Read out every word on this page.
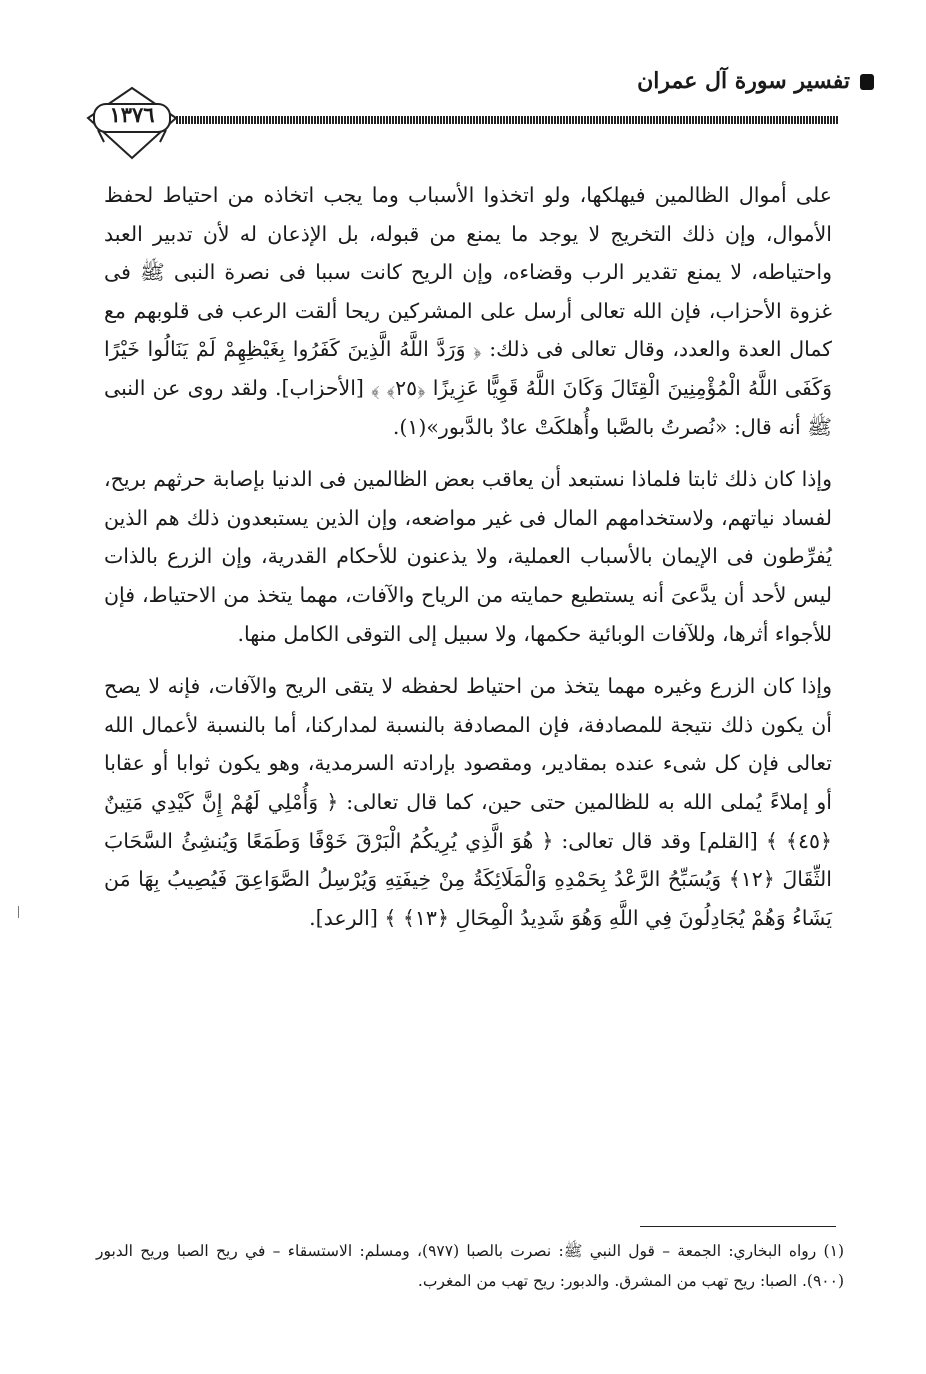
تفسير سورة آل عمران
١٣٧٦

على أموال الظالمين فيهلكها، ولو اتخذوا الأسباب وما يجب اتخاذه من احتياط لحفظ الأموال، وإن ذلك التخريج لا يوجد ما يمنع من قبوله، بل الإذعان له لأن تدبير العبد واحتياطه، لا يمنع تقدير الرب وقضاءه، وإن الريح كانت سببا فى نصرة النبى ﷺ فى غزوة الأحزاب، فإن الله تعالى أرسل على المشركين ريحا ألقت الرعب فى قلوبهم مع كمال العدة والعدد، وقال تعالى فى ذلك: ﴿ وَرَدَّ اللَّهُ الَّذِينَ كَفَرُوا بِغَيْظِهِمْ لَمْ يَنَالُوا خَيْرًا وَكَفَى اللَّهُ الْمُؤْمِنِينَ الْقِتَالَ وَكَانَ اللَّهُ قَوِيًّا عَزِيزًا ﴿٢٥﴾ ﴾ [الأحزاب]. ولقد روى عن النبى ﷺ أنه قال: «نُصرتُ بالصَّبا وأُهلكَتْ عادٌ بالدَّبور»(١).

وإذا كان ذلك ثابتا فلماذا نستبعد أن يعاقب بعض الظالمين فى الدنيا بإصابة حرثهم بريح، لفساد نياتهم، ولاستخدامهم المال فى غير مواضعه، وإن الذين يستبعدون ذلك هم الذين يُفرِّطون فى الإيمان بالأسباب العملية، ولا يذعنون للأحكام القدرية، وإن الزرع بالذات ليس لأحد أن يدَّعىَ أنه يستطيع حمايته من الرياح والآفات، مهما يتخذ من الاحتياط، فإن للأجواء أثرها، وللآفات الوبائية حكمها، ولا سبيل إلى التوقى الكامل منها.

وإذا كان الزرع وغيره مهما يتخذ من احتياط لحفظه لا يتقى الريح والآفات، فإنه لا يصح أن يكون ذلك نتيجة للمصادفة، فإن المصادفة بالنسبة لمداركنا، أما بالنسبة لأعمال الله تعالى فإن كل شىء عنده بمقادير، ومقصود بإرادته السرمدية، وهو يكون ثوابا أو عقابا أو إملاءً يُملى الله به للظالمين حتى حين، كما قال تعالى: ﴿ وَأُمْلِي لَهُمْ إِنَّ كَيْدِي مَتِينٌ ﴿٤٥﴾ ﴾ [القلم] وقد قال تعالى: ﴿ هُوَ الَّذِي يُرِيكُمُ الْبَرْقَ خَوْفًا وَطَمَعًا وَيُنشِئُ السَّحَابَ الثِّقَالَ ﴿١٢﴾ وَيُسَبِّحُ الرَّعْدُ بِحَمْدِهِ وَالْمَلَائِكَةُ مِنْ خِيفَتِهِ وَيُرْسِلُ الصَّوَاعِقَ فَيُصِيبُ بِهَا مَن يَشَاءُ وَهُمْ يُجَادِلُونَ فِي اللَّهِ وَهُوَ شَدِيدُ الْمِحَالِ ﴿١٣﴾ ﴾ [الرعد].

(١) رواه البخاري: الجمعة – قول النبي ﷺ: نصرت بالصبا (٩٧٧)، ومسلم: الاستسقاء – في ريح الصبا وريح الدبور (٩٠٠). الصبا: ريح تهب من المشرق. والدبور: ريح تهب من المغرب.
